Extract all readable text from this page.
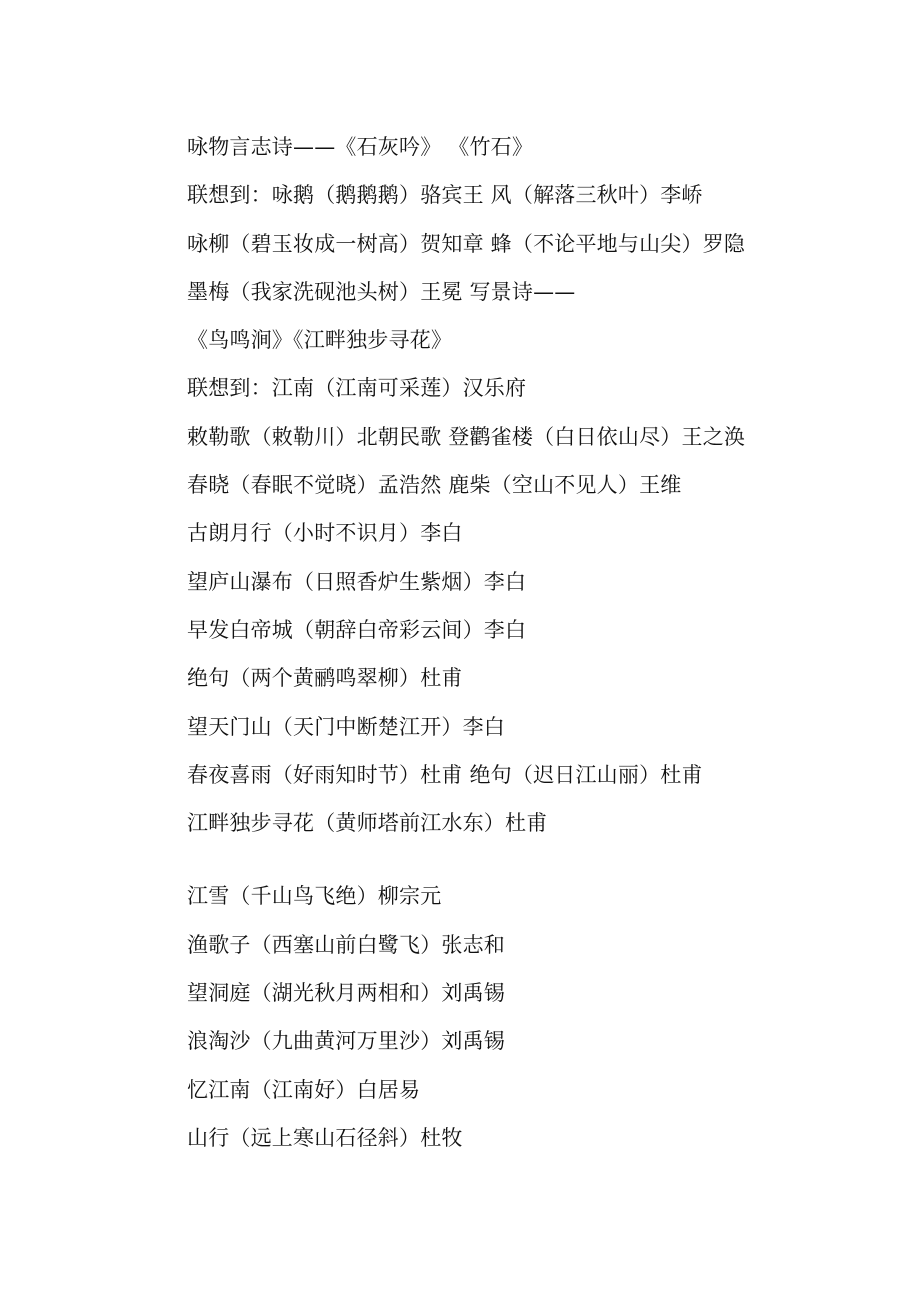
咏物言志诗——《石灰吟》 《竹石》
联想到：咏鹅（鹅鹅鹅）骆宾王 风（解落三秋叶）李峤
咏柳（碧玉妆成一树高）贺知章 蜂（不论平地与山尖）罗隐
墨梅（我家洗砚池头树）王冕 写景诗——
《鸟鸣涧》《江畔独步寻花》
联想到：江南（江南可采莲）汉乐府
敕勒歌（敕勒川）北朝民歌 登鹳雀楼（白日依山尽）王之涣
春晓（春眠不觉晓）孟浩然 鹿柴（空山不见人）王维
古朗月行（小时不识月）李白
望庐山瀑布（日照香炉生紫烟）李白
早发白帝城（朝辞白帝彩云间）李白
绝句（两个黄鹂鸣翠柳）杜甫
望天门山（天门中断楚江开）李白
春夜喜雨（好雨知时节）杜甫 绝句（迟日江山丽）杜甫
江畔独步寻花（黄师塔前江水东）杜甫
江雪（千山鸟飞绝）柳宗元
渔歌子（西塞山前白鹭飞）张志和
望洞庭（湖光秋月两相和）刘禹锡
浪淘沙（九曲黄河万里沙）刘禹锡
忆江南（江南好）白居易
山行（远上寒山石径斜）杜牧
